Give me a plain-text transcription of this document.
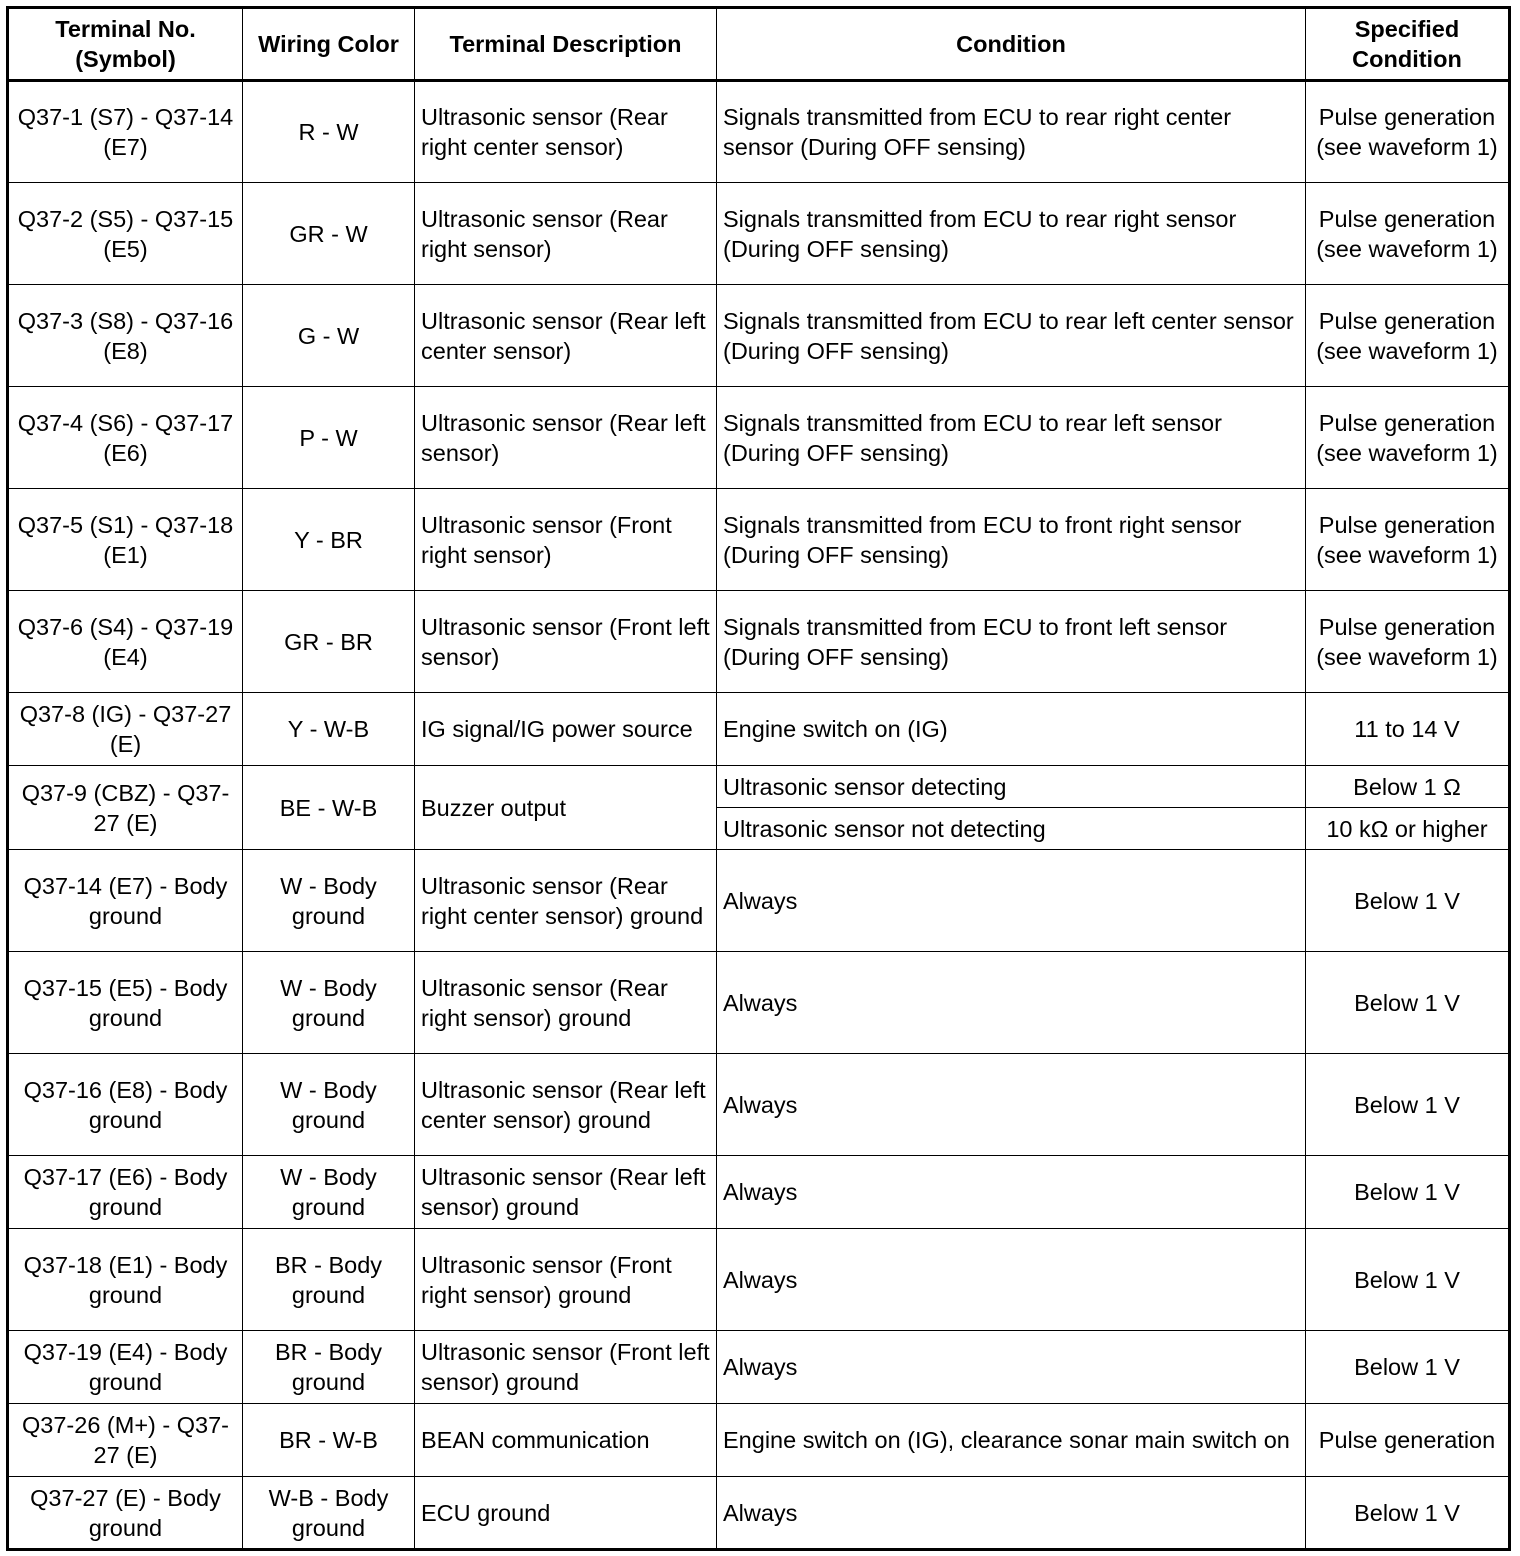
Terminal No. (Symbol)	Wiring Color	Terminal Description	Condition	Specified Condition
Q37-1 (S7) - Q37-14 (E7)	R - W	Ultrasonic sensor (Rear right center sensor)	Signals transmitted from ECU to rear right center sensor (During OFF sensing)	Pulse generation (see waveform 1)
Q37-2 (S5) - Q37-15 (E5)	GR - W	Ultrasonic sensor (Rear right sensor)	Signals transmitted from ECU to rear right sensor (During OFF sensing)	Pulse generation (see waveform 1)
Q37-3 (S8) - Q37-16 (E8)	G - W	Ultrasonic sensor (Rear left center sensor)	Signals transmitted from ECU to rear left center sensor (During OFF sensing)	Pulse generation (see waveform 1)
Q37-4 (S6) - Q37-17 (E6)	P - W	Ultrasonic sensor (Rear left sensor)	Signals transmitted from ECU to rear left sensor (During OFF sensing)	Pulse generation (see waveform 1)
Q37-5 (S1) - Q37-18 (E1)	Y - BR	Ultrasonic sensor (Front right sensor)	Signals transmitted from ECU to front right sensor (During OFF sensing)	Pulse generation (see waveform 1)
Q37-6 (S4) - Q37-19 (E4)	GR - BR	Ultrasonic sensor (Front left sensor)	Signals transmitted from ECU to front left sensor (During OFF sensing)	Pulse generation (see waveform 1)
Q37-8 (IG) - Q37-27 (E)	Y - W-B	IG signal/IG power source	Engine switch on (IG)	11 to 14 V
Q37-9 (CBZ) - Q37-27 (E)	BE - W-B	Buzzer output	Ultrasonic sensor detecting	Below 1 Ω
			Ultrasonic sensor not detecting	10 kΩ or higher
Q37-14 (E7) - Body ground	W - Body ground	Ultrasonic sensor (Rear right center sensor) ground	Always	Below 1 V
Q37-15 (E5) - Body ground	W - Body ground	Ultrasonic sensor (Rear right sensor) ground	Always	Below 1 V
Q37-16 (E8) - Body ground	W - Body ground	Ultrasonic sensor (Rear left center sensor) ground	Always	Below 1 V
Q37-17 (E6) - Body ground	W - Body ground	Ultrasonic sensor (Rear left sensor) ground	Always	Below 1 V
Q37-18 (E1) - Body ground	BR - Body ground	Ultrasonic sensor (Front right sensor) ground	Always	Below 1 V
Q37-19 (E4) - Body ground	BR - Body ground	Ultrasonic sensor (Front left sensor) ground	Always	Below 1 V
Q37-26 (M+) - Q37-27 (E)	BR - W-B	BEAN communication	Engine switch on (IG), clearance sonar main switch on	Pulse generation
Q37-27 (E) - Body ground	W-B - Body ground	ECU ground	Always	Below 1 V
